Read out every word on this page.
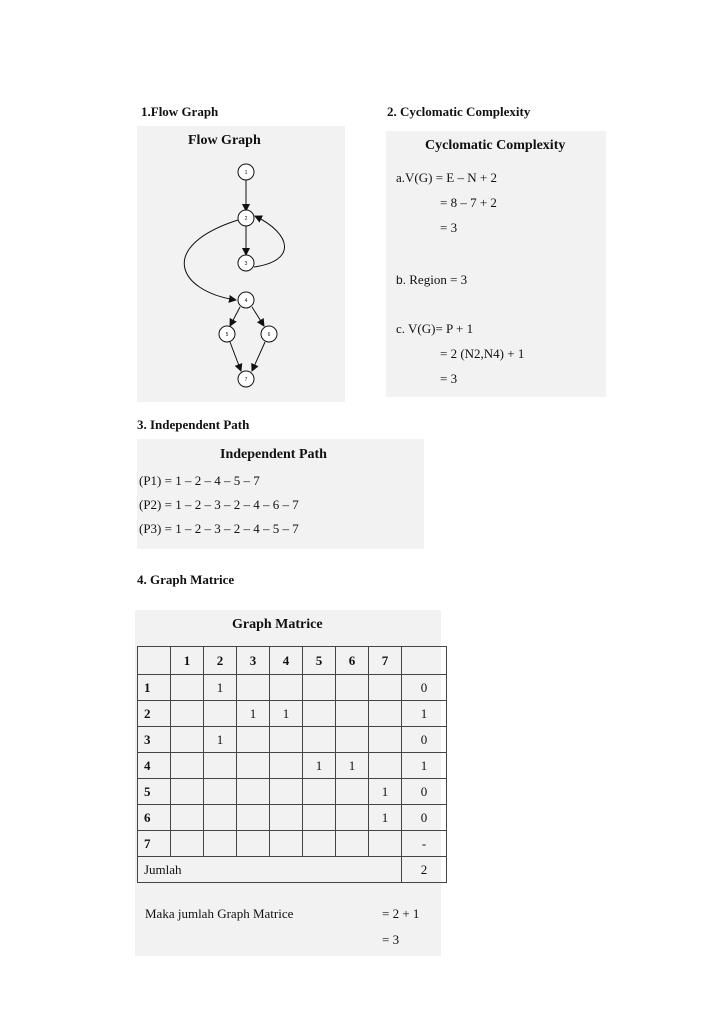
1.Flow Graph	2. Cyclomatic Complexity
Flow Graph
1
2
3
4
5	6
7
Cyclomatic Complexity
a.V(G) = E – N + 2
= 8 – 7 + 2
= 3
b. Region = 3
c. V(G)= P + 1
= 2 (N2,N4) + 1
= 3
3. Independent Path
Independent Path
(P1) = 1 – 2 – 4 – 5 – 7
(P2) = 1 – 2 – 3 – 2 – 4 – 6 – 7
(P3) = 1 – 2 – 3 – 2 – 4 – 5 – 7
4. Graph Matrice
Graph Matrice
	1	2	3	4	5	6	7	
1		1						0
2			1	1				1
3		1						0
4					1	1		1
5							1	0
6							1	0
7								-
Jumlah								2
Maka jumlah Graph Matrice	= 2 + 1
= 3
